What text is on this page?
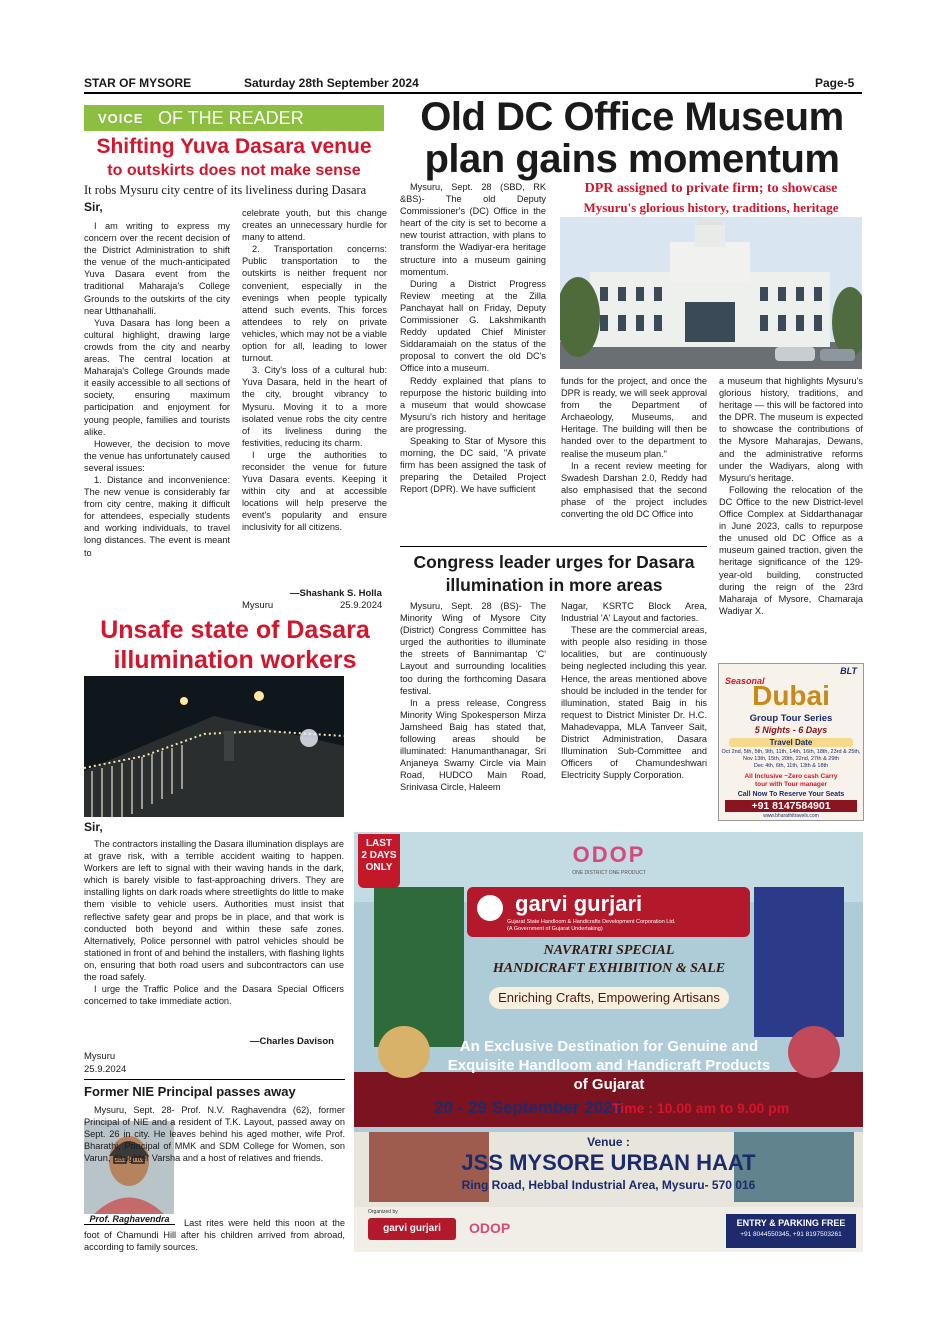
STAR OF MYSORE	Saturday 28th September 2024	Page-5
VOICE OF THE READER
Shifting Yuva Dasara venue
to outskirts does not make sense
It robs Mysuru city centre of its liveliness during Dasara
Sir,

I am writing to express my concern over the recent decision of the District Administration to shift the venue of the much-anticipated Yuva Dasara event from the traditional Maharaja's College Grounds to the outskirts of the city near Utthanahalli.

Yuva Dasara has long been a cultural highlight, drawing large crowds from the city and nearby areas. The central location at Maharaja's College Grounds made it easily accessible to all sections of society, ensuring maximum participation and enjoyment for young people, families and tourists alike.

However, the decision to move the venue has unfortunately caused several issues:

1. Distance and inconvenience: The new venue is considerably far from city centre, making it difficult for attendees, especially students and working individuals, to travel long distances. The event is meant to

celebrate youth, but this change creates an unnecessary hurdle for many to attend.

2. Transportation concerns: Public transportation to the outskirts is neither frequent nor convenient, especially in the evenings when people typically attend such events. This forces attendees to rely on private vehicles, which may not be a viable option for all, leading to lower turnout.

3. City's loss of a cultural hub: Yuva Dasara, held in the heart of the city, brought vibrancy to Mysuru. Moving it to a more isolated venue robs the city centre of its liveliness during the festivities, reducing its charm.

I urge the authorities to reconsider the venue for future Yuva Dasara events. Keeping it within city and at accessible locations will help preserve the event's popularity and ensure inclusivity for all citizens.

—Shashank S. Holla
Mysuru	25.9.2024
Unsafe state of Dasara
illumination workers
Sir,

The contractors installing the Dasara illumination displays are at grave risk, with a terrible accident waiting to happen. Workers are left to signal with their waving hands in the dark, which is barely visible to fast-approaching drivers. They are installing lights on dark roads where streetlights do little to make them visible to vehicle users. Authorities must insist that reflective safety gear and props be in place, and that work is conducted both beyond and within these safe zones. Alternatively, Police personnel with patrol vehicles should be stationed in front of and behind the installers, with flashing lights on, ensuring that both road users and subcontractors can use the road safely.

I urge the Traffic Police and the Dasara Special Officers concerned to take immediate action.

—Charles Davison
Mysuru
25.9.2024
Former NIE Principal passes away
Prof. Raghavendra
Mysuru, Sept. 28- Prof. N.V. Raghavendra (62), former Principal of NIE and a resident of T.K. Layout, passed away on Sept. 26 in city. He leaves behind his aged mother, wife Prof. Bharathi, Principal of MMK and SDM College for Women, son Varun, daughter Varsha and a host of relatives and friends.

Last rites were held this noon at the foot of Chamundi Hill after his children arrived from abroad, according to family sources.

Old DC Office Museum
plan gains momentum

Mysuru, Sept. 28 (SBD, RK &BS)- The old Deputy Commissioner's (DC) Office in the heart of the city is set to become a new tourist attraction, with plans to transform the Wadiyar-era heritage structure into a museum gaining momentum.

During a District Progress Review meeting at the Zilla Panchayat hall on Friday, Deputy Commissioner G. Lakshmikanth Reddy updated Chief Minister Siddaramaiah on the status of the proposal to convert the old DC's Office into a museum.

Reddy explained that plans to repurpose the historic building into a museum that would showcase Mysuru's rich history and heritage are progressing.

Speaking to Star of Mysore this morning, the DC said, "A private firm has been assigned the task of preparing the Detailed Project Report (DPR). We have sufficient

DPR assigned to private firm; to showcase
Mysuru's glorious history, traditions, heritage

funds for the project, and once the DPR is ready, we will seek approval from the Department of Archaeology, Museums, and Heritage. The building will then be handed over to the department to realise the museum plan."

In a recent review meeting for Swadesh Darshan 2.0, Reddy had also emphasised that the second phase of the project includes converting the old DC Office into

a museum that highlights Mysuru's glorious history, traditions, and heritage — this will be factored into the DPR. The museum is expected to showcase the contributions of the Mysore Maharajas, Dewans, and the administrative reforms under the Wadiyars, along with Mysuru's heritage.

Following the relocation of the DC Office to the new District-level Office Complex at Siddarthanagar in June 2023, calls to repurpose the unused old DC Office as a museum gained traction, given the heritage significance of the 129-year-old building, constructed during the reign of the 23rd Maharaja of Mysore, Chamaraja Wadiyar X.

Congress leader urges for Dasara
illumination in more areas

Mysuru, Sept. 28 (BS)- The Minority Wing of Mysore City (District) Congress Committee has urged the authorities to illuminate the streets of Bannimantap 'C' Layout and surrounding localities too during the forthcoming Dasara festival.

In a press release, Congress Minority Wing Spokesperson Mirza Jamsheed Baig has stated that, following areas should be illuminated: Hanumanthanagar, Sri Anjaneya Swamy Circle via Main Road, HUDCO Main Road, Srinivasa Circle, Haleem

Nagar, KSRTC Block Area, Industrial 'A' Layout and factories.

These are the commercial areas, with people also residing in those localities, but are continuously being neglected including this year. Hence, the areas mentioned above should be included in the tender for illumination, stated Baig in his request to District Minister Dr. H.C. Mahadevappa, MLA Tanveer Sait, District Administration, Dasara Illumination Sub-Committee and Officers of Chamundeshwari Electricity Supply Corporation.

BLT
Seasonal
Dubai
Group Tour Series
5 Nights - 6 Days
Travel Date
Oct 2nd, 5th, 5th, 9th, 11th, 14th, 16th, 18th, 23rd & 25th,
Nov 13th, 15th, 20th, 22nd, 27th & 29th
Dec 4th, 6th, 11th, 13th & 18th
All Inclusive ~Zero cash Carry
tour with Tour manager
Call Now To Reserve Your Seats
+91 8147584901
www.bharathitravels.com
LAST
2 DAYS
ONLY
ODOP
ONE DISTRICT ONE PRODUCT
garvi gurjari
Gujarat State Handloom & Handicrafts Development Corporation Ltd.
(A Government of Gujarat Undertaking)
NAVRATRI SPECIAL
HANDICRAFT EXHIBITION & SALE
Enriching Crafts, Empowering Artisans
An Exclusive Destination for Genuine and
Exquisite Handloom and Handicraft Products of Gujarat
20 - 29 September 2024
Time : 10.00 am to 9.00 pm
Venue :
JSS MYSORE URBAN HAAT
Ring Road, Hebbal Industrial Area, Mysuru- 570 016
Organized by
garvi gurjari	ODOP	ENTRY & PARKING FREE
+91 8044550345, +91 8197503261
